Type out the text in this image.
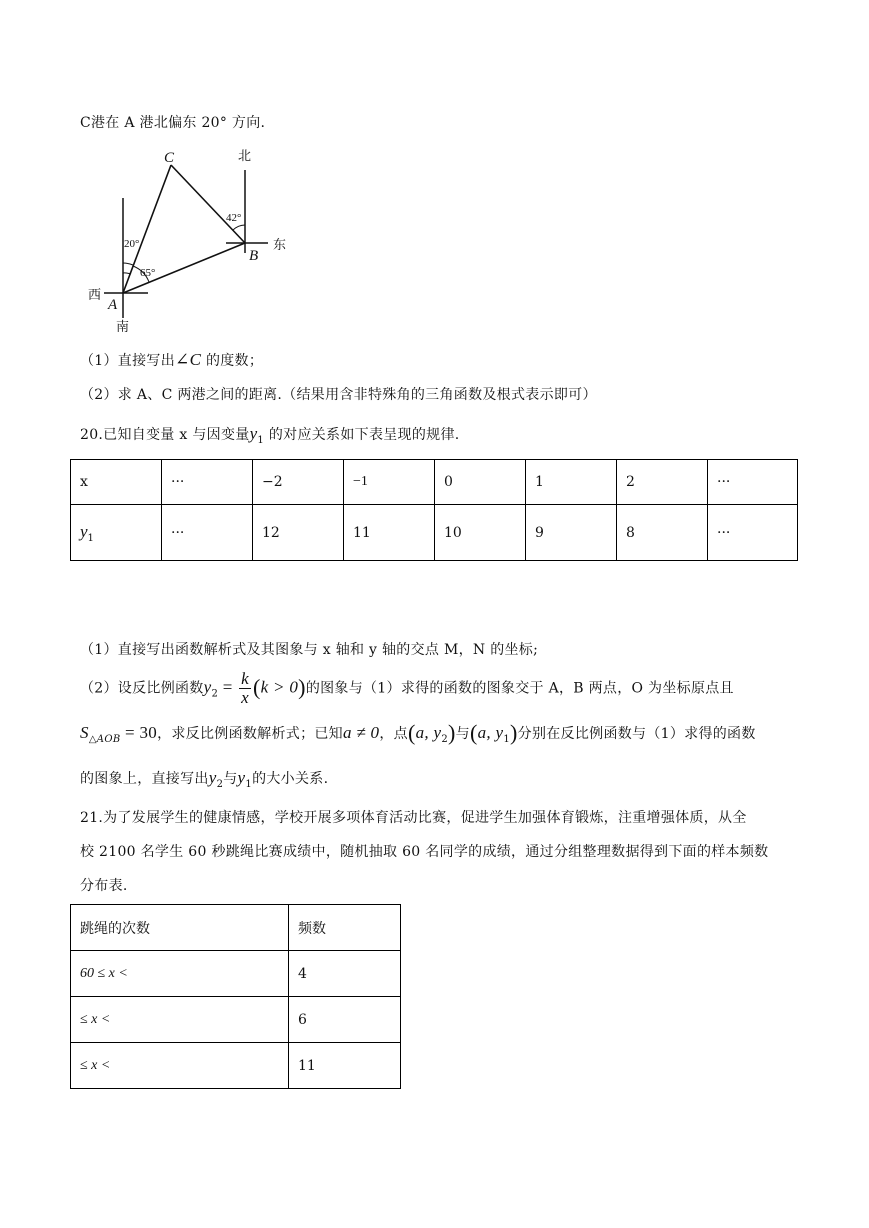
C港在 A 港北偏东 20° 方向.
C	北
42°
20°	东
B
65°
西
A
南
（1）直接写出∠C 的度数；
（2）求 A、C 两港之间的距离.（结果用含非特殊角的三角函数及根式表示即可）
20.已知自变量 x 与因变量$y_1$ 的对应关系如下表呈现的规律.
x	···	−2	−1	0	1	2	···
$y_1$	···	12	11	10	9	8	···
（1）直接写出函数解析式及其图象与 x 轴和 y 轴的交点 M，N 的坐标;
（2）设反比例函数$y_2 = \frac{k}{x} (k > 0)$的图象与（1）求得的函数的图象交于 A，B 两点，O 为坐标原点且
$S_{\triangle AOB} = 30$，求反比例函数解析式；已知a ≠ 0，点(a, $y_2$)与(a, $y_1$)分别在反比例函数与（1）求得的函数
的图象上，直接写出$y_2$与$y_1$的大小关系.
21.为了发展学生的健康情感，学校开展多项体育活动比赛，促进学生加强体育锻炼，注重增强体质，从全
校 2100 名学生 60 秒跳绳比赛成绩中，随机抽取 60 名同学的成绩，通过分组整理数据得到下面的样本频数
分布表.
跳绳的次数	频数
60 ≤ x <	4
≤ x <	6
≤ x <	11
